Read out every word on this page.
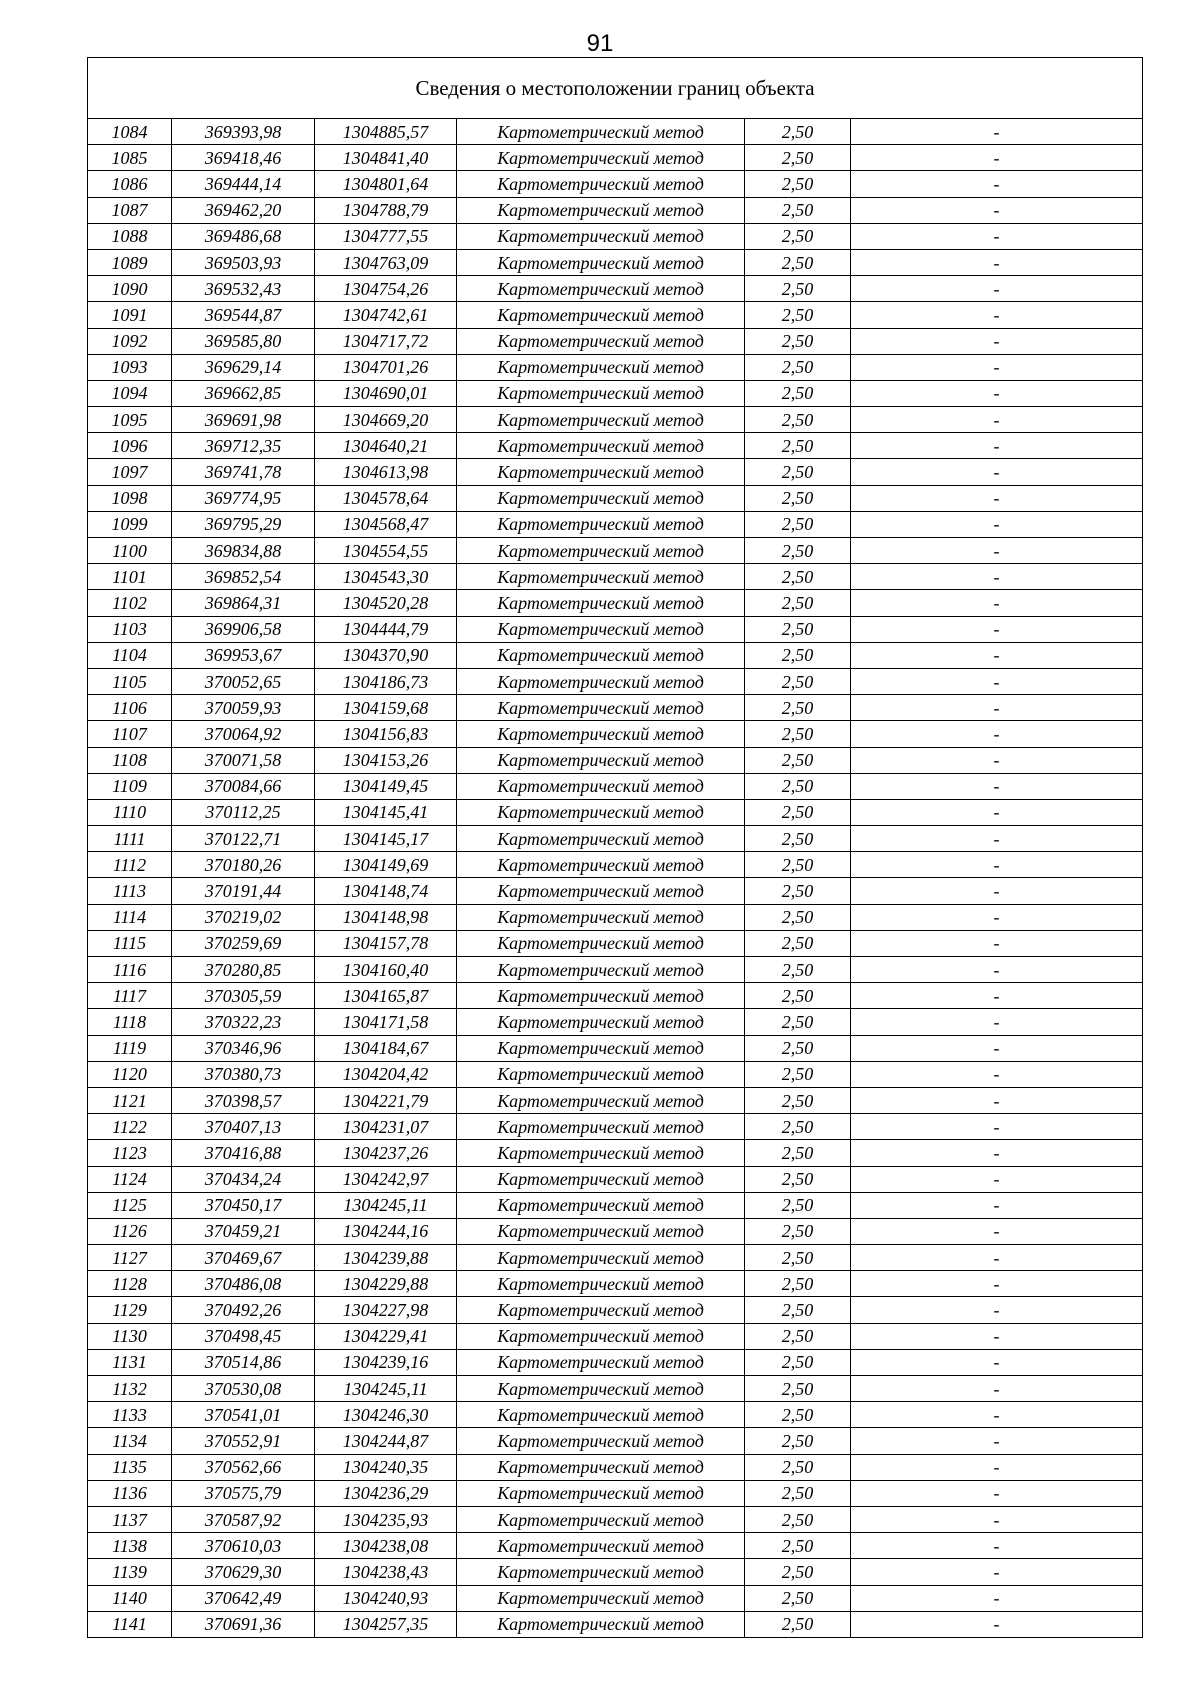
91
Сведения о местоположении границ объекта					
1084	369393,98	1304885,57	Картометрический метод	2,50	-
1085	369418,46	1304841,40	Картометрический метод	2,50	-
1086	369444,14	1304801,64	Картометрический метод	2,50	-
1087	369462,20	1304788,79	Картометрический метод	2,50	-
1088	369486,68	1304777,55	Картометрический метод	2,50	-
1089	369503,93	1304763,09	Картометрический метод	2,50	-
1090	369532,43	1304754,26	Картометрический метод	2,50	-
1091	369544,87	1304742,61	Картометрический метод	2,50	-
1092	369585,80	1304717,72	Картометрический метод	2,50	-
1093	369629,14	1304701,26	Картометрический метод	2,50	-
1094	369662,85	1304690,01	Картометрический метод	2,50	-
1095	369691,98	1304669,20	Картометрический метод	2,50	-
1096	369712,35	1304640,21	Картометрический метод	2,50	-
1097	369741,78	1304613,98	Картометрический метод	2,50	-
1098	369774,95	1304578,64	Картометрический метод	2,50	-
1099	369795,29	1304568,47	Картометрический метод	2,50	-
1100	369834,88	1304554,55	Картометрический метод	2,50	-
1101	369852,54	1304543,30	Картометрический метод	2,50	-
1102	369864,31	1304520,28	Картометрический метод	2,50	-
1103	369906,58	1304444,79	Картометрический метод	2,50	-
1104	369953,67	1304370,90	Картометрический метод	2,50	-
1105	370052,65	1304186,73	Картометрический метод	2,50	-
1106	370059,93	1304159,68	Картометрический метод	2,50	-
1107	370064,92	1304156,83	Картометрический метод	2,50	-
1108	370071,58	1304153,26	Картометрический метод	2,50	-
1109	370084,66	1304149,45	Картометрический метод	2,50	-
1110	370112,25	1304145,41	Картометрический метод	2,50	-
1111	370122,71	1304145,17	Картометрический метод	2,50	-
1112	370180,26	1304149,69	Картометрический метод	2,50	-
1113	370191,44	1304148,74	Картометрический метод	2,50	-
1114	370219,02	1304148,98	Картометрический метод	2,50	-
1115	370259,69	1304157,78	Картометрический метод	2,50	-
1116	370280,85	1304160,40	Картометрический метод	2,50	-
1117	370305,59	1304165,87	Картометрический метод	2,50	-
1118	370322,23	1304171,58	Картометрический метод	2,50	-
1119	370346,96	1304184,67	Картометрический метод	2,50	-
1120	370380,73	1304204,42	Картометрический метод	2,50	-
1121	370398,57	1304221,79	Картометрический метод	2,50	-
1122	370407,13	1304231,07	Картометрический метод	2,50	-
1123	370416,88	1304237,26	Картометрический метод	2,50	-
1124	370434,24	1304242,97	Картометрический метод	2,50	-
1125	370450,17	1304245,11	Картометрический метод	2,50	-
1126	370459,21	1304244,16	Картометрический метод	2,50	-
1127	370469,67	1304239,88	Картометрический метод	2,50	-
1128	370486,08	1304229,88	Картометрический метод	2,50	-
1129	370492,26	1304227,98	Картометрический метод	2,50	-
1130	370498,45	1304229,41	Картометрический метод	2,50	-
1131	370514,86	1304239,16	Картометрический метод	2,50	-
1132	370530,08	1304245,11	Картометрический метод	2,50	-
1133	370541,01	1304246,30	Картометрический метод	2,50	-
1134	370552,91	1304244,87	Картометрический метод	2,50	-
1135	370562,66	1304240,35	Картометрический метод	2,50	-
1136	370575,79	1304236,29	Картометрический метод	2,50	-
1137	370587,92	1304235,93	Картометрический метод	2,50	-
1138	370610,03	1304238,08	Картометрический метод	2,50	-
1139	370629,30	1304238,43	Картометрический метод	2,50	-
1140	370642,49	1304240,93	Картометрический метод	2,50	-
1141	370691,36	1304257,35	Картометрический метод	2,50	-
